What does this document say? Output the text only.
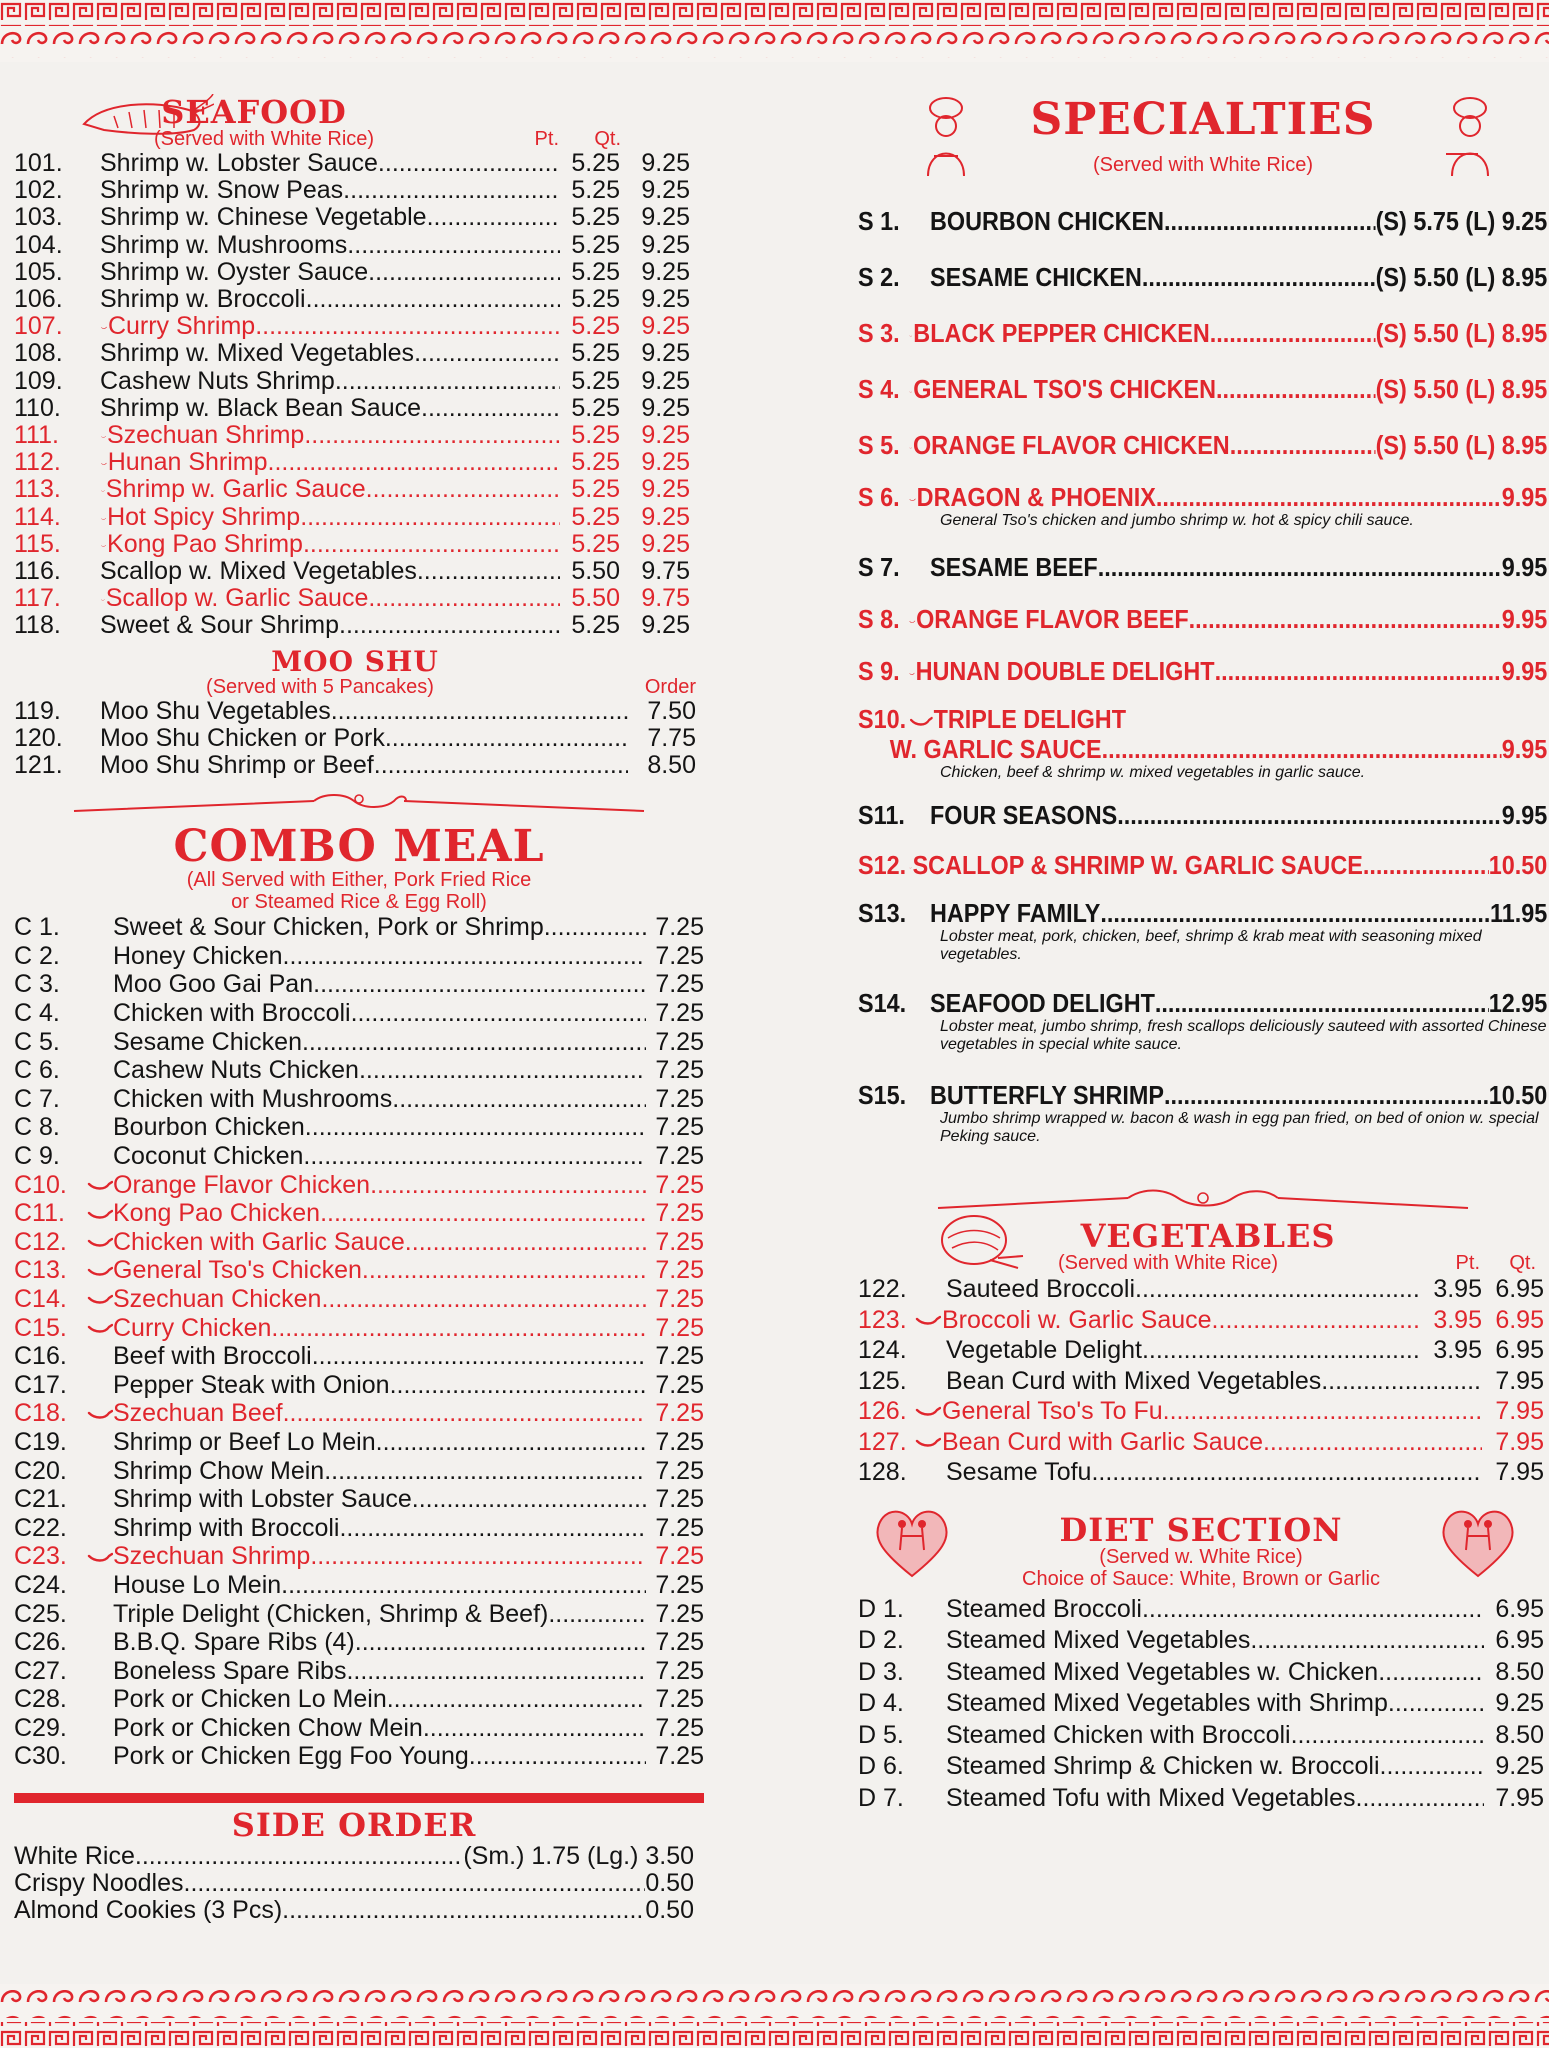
SEAFOOD
(Served with White Rice)	Pt.	Qt.
101.	Shrimp w. Lobster Sauce .....	5.25 9.25
102.	Shrimp w. Snow Peas .....	5.25 9.25
103.	Shrimp w. Chinese Vegetable .....	5.25 9.25
104.	Shrimp w. Mushrooms .....	5.25 9.25
105.	Shrimp w. Oyster Sauce .....	5.25 9.25
106.	Shrimp w. Broccoli .....	5.25 9.25
107.	Curry Shrimp .....	5.25 9.25
108.	Shrimp w. Mixed Vegetables .....	5.25 9.25
109.	Cashew Nuts Shrimp .....	5.25 9.25
110.	Shrimp w. Black Bean Sauce .....	5.25 9.25
111.	Szechuan Shrimp .....	5.25 9.25
112.	Hunan Shrimp .....	5.25 9.25
113.	Shrimp w. Garlic Sauce .....	5.25 9.25
114.	Hot Spicy Shrimp .....	5.25 9.25
115.	Kong Pao Shrimp .....	5.25 9.25
116.	Scallop w. Mixed Vegetables .....	5.50 9.75
117.	Scallop w. Garlic Sauce .....	5.50 9.75
118.	Sweet & Sour Shrimp .....	5.25 9.25
MOO SHU
(Served with 5 Pancakes)	Order
119.	Moo Shu Vegetables .....	7.50
120.	Moo Shu Chicken or Pork .....	7.75
121.	Moo Shu Shrimp or Beef .....	8.50
COMBO MEAL
(All Served with Either, Pork Fried Rice
or Steamed Rice & Egg Roll)
C 1.	Sweet & Sour Chicken, Pork or Shrimp .....	7.25
C 2.	Honey Chicken .....	7.25
C 3.	Moo Goo Gai Pan .....	7.25
C 4.	Chicken with Broccoli .....	7.25
C 5.	Sesame Chicken .....	7.25
C 6.	Cashew Nuts Chicken .....	7.25
C 7.	Chicken with Mushrooms .....	7.25
C 8.	Bourbon Chicken .....	7.25
C 9.	Coconut Chicken .....	7.25
C10.	Orange Flavor Chicken .....	7.25
C11.	Kong Pao Chicken .....	7.25
C12.	Chicken with Garlic Sauce .....	7.25
C13.	General Tso's Chicken .....	7.25
C14.	Szechuan Chicken .....	7.25
C15.	Curry Chicken .....	7.25
C16.	Beef with Broccoli .....	7.25
C17.	Pepper Steak with Onion .....	7.25
C18.	Szechuan Beef .....	7.25
C19.	Shrimp or Beef Lo Mein .....	7.25
C20.	Shrimp Chow Mein .....	7.25
C21.	Shrimp with Lobster Sauce .....	7.25
C22.	Shrimp with Broccoli .....	7.25
C23.	Szechuan Shrimp .....	7.25
C24.	House Lo Mein .....	7.25
C25.	Triple Delight (Chicken, Shrimp & Beef) .....	7.25
C26.	B.B.Q. Spare Ribs (4) .....	7.25
C27.	Boneless Spare Ribs .....	7.25
C28.	Pork or Chicken Lo Mein .....	7.25
C29.	Pork or Chicken Chow Mein .....	7.25
C30.	Pork or Chicken Egg Foo Young .....	7.25
SIDE ORDER
White Rice .....	(Sm.) 1.75 (Lg.) 3.50
Crispy Noodles .....	0.50
Almond Cookies (3 Pcs) .....	0.50
SPECIALTIES
(Served with White Rice)
S 1.	BOURBON CHICKEN .....	(S) 5.75 (L) 9.25
S 2.	SESAME CHICKEN .....	(S) 5.50 (L) 8.95
S 3. BLACK PEPPER CHICKEN .....	(S) 5.50 (L) 8.95
S 4. GENERAL TSO'S CHICKEN .....	(S) 5.50 (L) 8.95
S 5. ORANGE FLAVOR CHICKEN .....	(S) 5.50 (L) 8.95
S 6. DRAGON & PHOENIX .....	9.95
General Tso's chicken and jumbo shrimp w. hot & spicy chili sauce.
S 7.	SESAME BEEF .....	9.95
S 8. ORANGE FLAVOR BEEF .....	9.95
S 9. HUNAN DOUBLE DELIGHT .....	9.95
S10. TRIPLE DELIGHT
W. GARLIC SAUCE .....	9.95
Chicken, beef & shrimp w. mixed vegetables in garlic sauce.
S11. FOUR SEASONS .....	9.95
S12. SCALLOP & SHRIMP W. GARLIC SAUCE .....	10.50
S13. HAPPY FAMILY .....	11.95
Lobster meat, pork, chicken, beef, shrimp & krab meat with seasoning mixed vegetables.
S14. SEAFOOD DELIGHT .....	12.95
Lobster meat, jumbo shrimp, fresh scallops deliciously sauteed with assorted Chinese vegetables in special white sauce.
S15. BUTTERFLY SHRIMP .....	10.50
Jumbo shrimp wrapped w. bacon & wash in egg pan fried, on bed of onion w. special Peking sauce.
VEGETABLES
(Served with White Rice)	Pt.	Qt.
122.	Sauteed Broccoli .....	3.95 6.95
123. Broccoli w. Garlic Sauce .....	3.95 6.95
124.	Vegetable Delight .....	3.95 6.95
125.	Bean Curd with Mixed Vegetables .....	7.95
126. General Tso's To Fu .....	7.95
127. Bean Curd with Garlic Sauce .....	7.95
128.	Sesame Tofu .....	7.95
DIET SECTION
(Served w. White Rice)
Choice of Sauce: White, Brown or Garlic
D 1.	Steamed Broccoli .....	6.95
D 2.	Steamed Mixed Vegetables .....	6.95
D 3.	Steamed Mixed Vegetables w. Chicken .....	8.50
D 4.	Steamed Mixed Vegetables with Shrimp .....	9.25
D 5.	Steamed Chicken with Broccoli .....	8.50
D 6.	Steamed Shrimp & Chicken w. Broccoli .....	9.25
D 7.	Steamed Tofu with Mixed Vegetables .....	7.95
